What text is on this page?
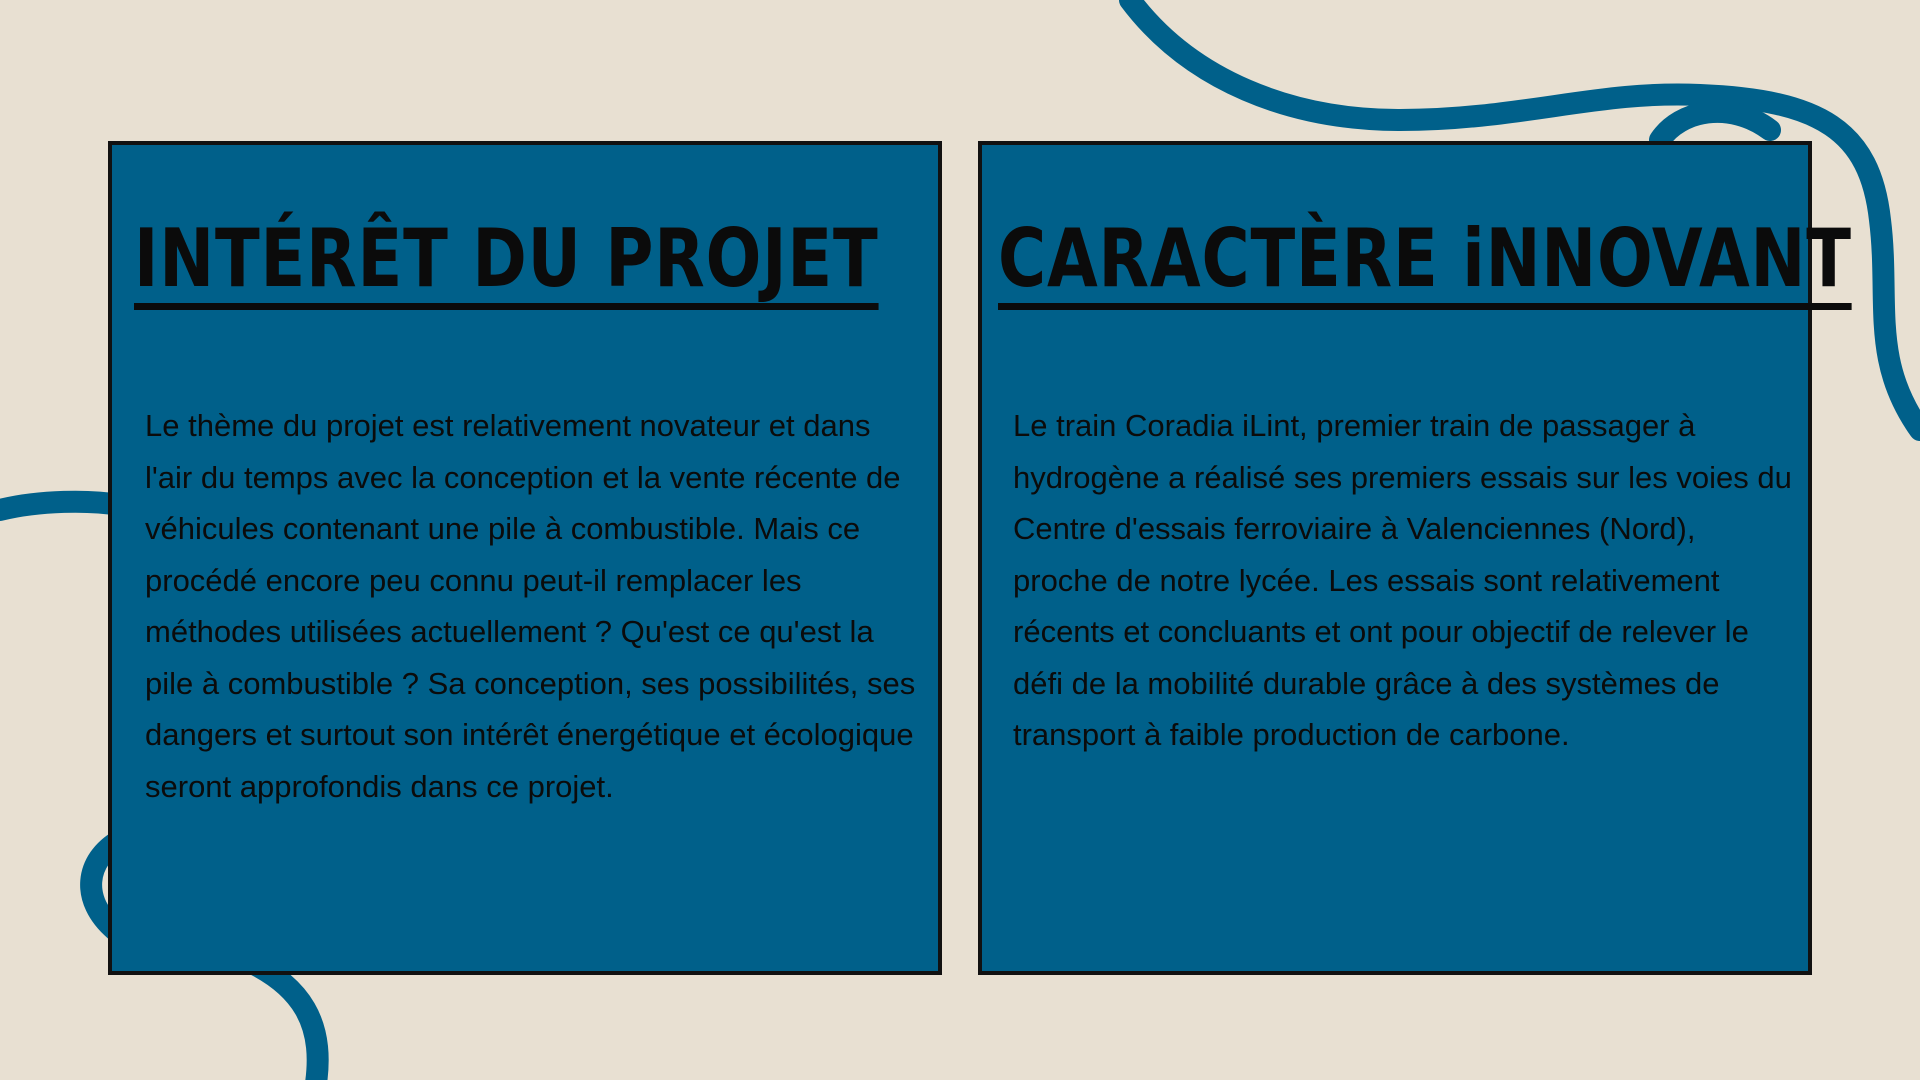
INTÉRÊT DU PROJET

Le thème du projet est relativement novateur et dans l'air du temps avec la conception et la vente récente de véhicules contenant une pile à combustible. Mais ce procédé encore peu connu peut-il remplacer les méthodes utilisées actuellement ? Qu'est ce qu'est la pile à combustible ? Sa conception, ses possibilités, ses dangers et surtout son intérêt énergétique et écologique seront approfondis dans ce projet.

CARACTÈRE iNNOVANT

Le train Coradia iLint, premier train de passager à hydrogène a réalisé ses premiers essais sur les voies du Centre d'essais ferroviaire à Valenciennes (Nord), proche de notre lycée. Les essais sont relativement récents et concluants et ont pour objectif de relever le défi de la mobilité durable grâce à des systèmes de transport à faible production de carbone.
